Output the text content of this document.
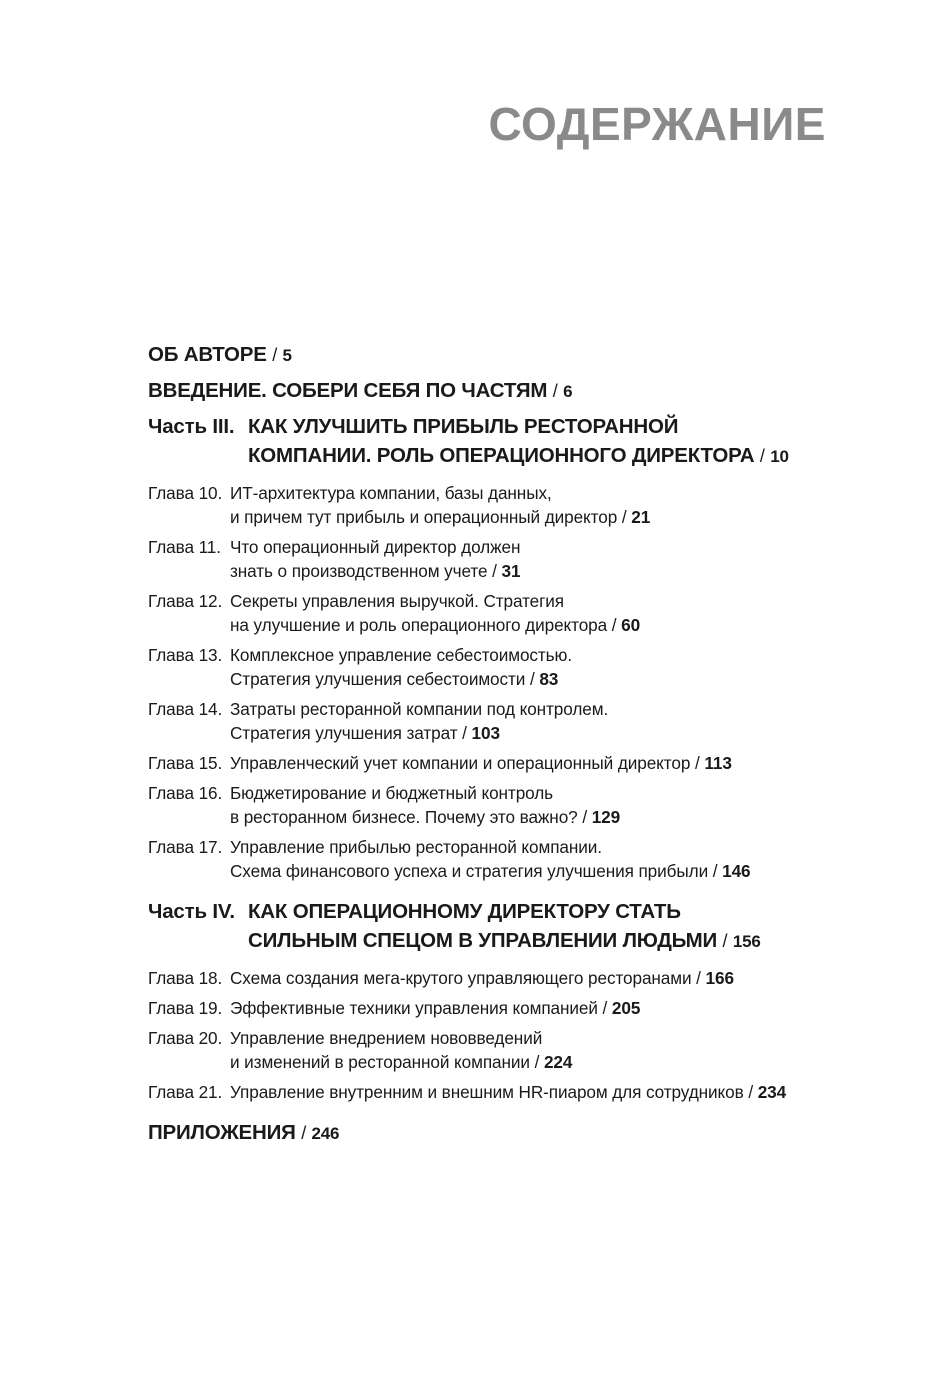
СОДЕРЖАНИЕ
ОБ АВТОРЕ / 5
ВВЕДЕНИЕ. СОБЕРИ СЕБЯ ПО ЧАСТЯМ / 6
Часть III. КАК УЛУЧШИТЬ ПРИБЫЛЬ РЕСТОРАННОЙ
КОМПАНИИ. РОЛЬ ОПЕРАЦИОННОГО ДИРЕКТОРА / 10
Глава 10. ИТ-архитектура компании, базы данных,
и причем тут прибыль и операционный директор / 21
Глава 11. Что операционный директор должен
знать о производственном учете / 31
Глава 12. Секреты управления выручкой. Стратегия
на улучшение и роль операционного директора / 60
Глава 13. Комплексное управление себестоимостью.
Стратегия улучшения себестоимости / 83
Глава 14. Затраты ресторанной компании под контролем.
Стратегия улучшения затрат / 103
Глава 15. Управленческий учет компании и операционный директор / 113
Глава 16. Бюджетирование и бюджетный контроль
в ресторанном бизнесе. Почему это важно? / 129
Глава 17. Управление прибылью ресторанной компании.
Схема финансового успеха и стратегия улучшения прибыли / 146
Часть IV. КАК ОПЕРАЦИОННОМУ ДИРЕКТОРУ СТАТЬ
СИЛЬНЫМ СПЕЦОМ В УПРАВЛЕНИИ ЛЮДЬМИ / 156
Глава 18. Схема создания мега-крутого управляющего ресторанами / 166
Глава 19. Эффективные техники управления компанией / 205
Глава 20. Управление внедрением нововведений
и изменений в ресторанной компании / 224
Глава 21. Управление внутренним и внешним HR-пиаром для сотрудников / 234
ПРИЛОЖЕНИЯ / 246
